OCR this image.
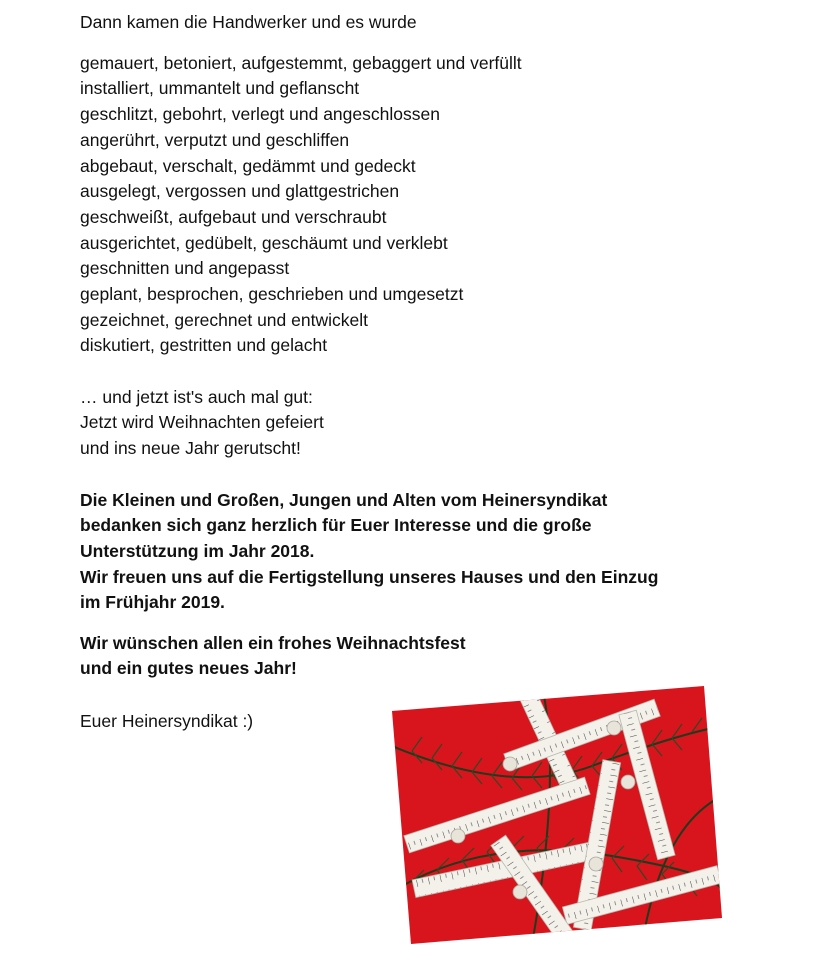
Dann kamen die Handwerker und es wurde
gemauert, betoniert, aufgestemmt, gebaggert und verfüllt
installiert, ummantelt und geflanscht
geschlitzt, gebohrt, verlegt und angeschlossen
angerührt, verputzt und geschliffen
abgebaut, verschalt, gedämmt und gedeckt
ausgelegt, vergossen und glattgestrichen
geschweißt, aufgebaut und verschraubt
ausgerichtet, gedübelt, geschäumt und verklebt
geschnitten und angepasst
geplant, besprochen, geschrieben und umgesetzt
gezeichnet, gerechnet und entwickelt
diskutiert, gestritten und gelacht
… und jetzt ist's auch mal gut:
Jetzt wird Weihnachten gefeiert
und ins neue Jahr gerutscht!
Die Kleinen und Großen, Jungen und Alten vom Heinersyndikat
bedanken sich ganz herzlich für Euer Interesse und die große
Unterstützung im Jahr 2018.
Wir freuen uns auf die Fertigstellung unseres Hauses und den Einzug
im Frühjahr 2019.
Wir wünschen allen ein frohes Weihnachtsfest
und ein gutes neues Jahr!
Euer Heinersyndikat :)
